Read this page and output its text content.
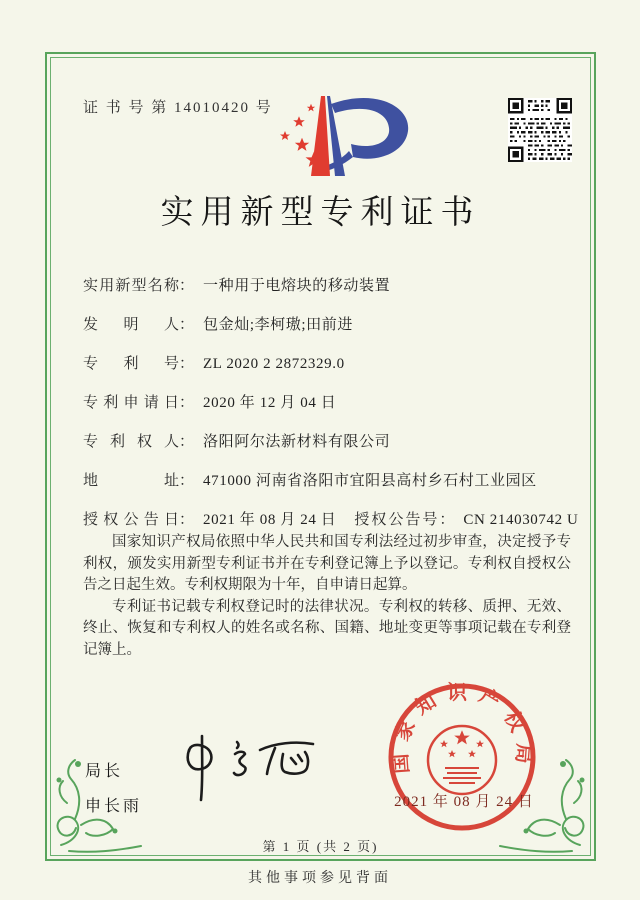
证 书 号 第 14010420 号
实用新型专利证书
实用新型名称 ： 一种用于电熔块的移动装置
发明人 ： 包金灿;李柯璈;田前进
专利号 ： ZL 2020 2 2872329.0
专利申请日 ： 2020 年 12 月 04 日
专利权人 ： 洛阳阿尔法新材料有限公司
地址 ： 471000 河南省洛阳市宜阳县高村乡石村工业园区
授权公告日 ： 2021 年 08 月 24 日 授权公告号 ： CN 214030742 U

国家知识产权局依照中华人民共和国专利法经过初步审查，决定授予专利权，颁发实用新型专利证书并在专利登记簿上予以登记。专利权自授权公告之日起生效。专利权期限为十年，自申请日起算。

专利证书记载专利权登记时的法律状况。专利权的转移、质押、无效、终止、恢复和专利权人的姓名或名称、国籍、地址变更等事项记载在专利登记簿上。

局长
申长雨
国家知识产权局
2021 年 08 月 24 日
第 1 页 (共 2 页)
其他事项参见背面
